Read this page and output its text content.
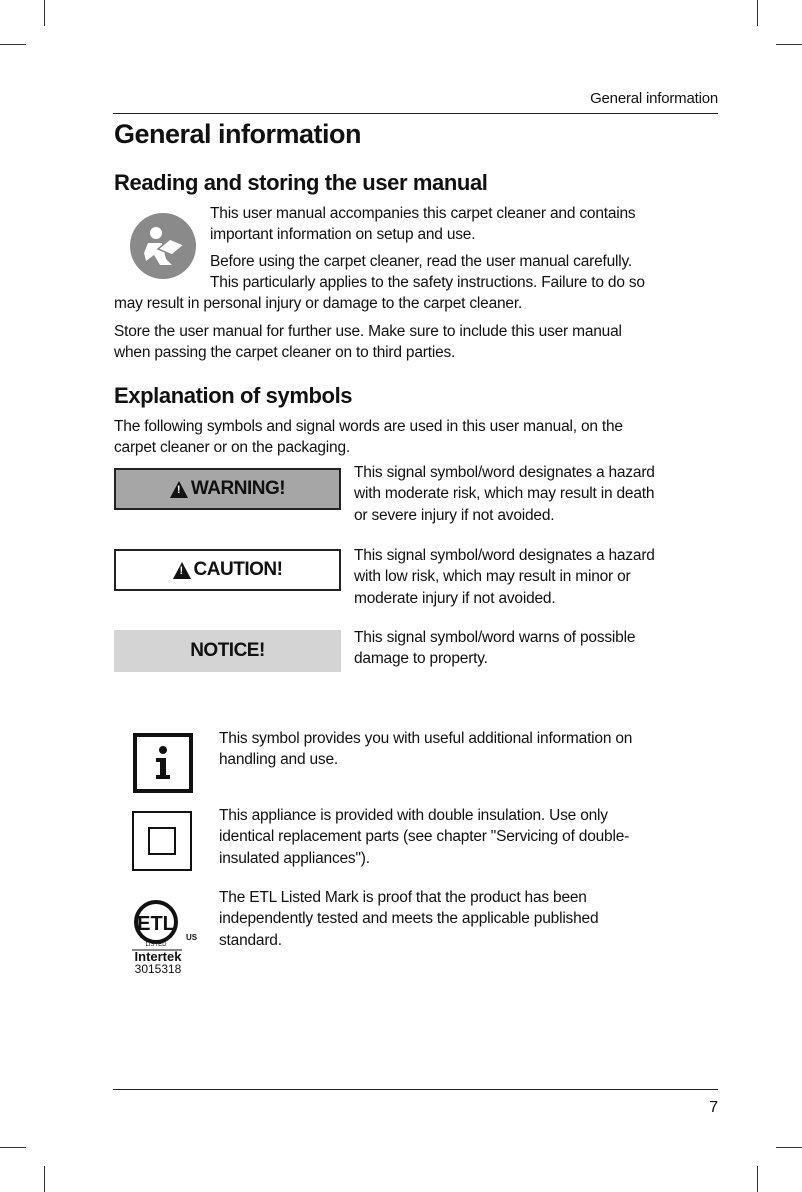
General information
General information
Reading and storing the user manual
This user manual accompanies this carpet cleaner and contains
important information on setup and use.
Before using the carpet cleaner, read the user manual carefully.
This particularly applies to the safety instructions. Failure to do so
may result in personal injury or damage to the carpet cleaner.
Store the user manual for further use. Make sure to include this user manual
when passing the carpet cleaner on to third parties.
Explanation of symbols
The following symbols and signal words are used in this user manual, on the
carpet cleaner or on the packaging.
!
WARNING!
This signal symbol/word designates a hazard
with moderate risk, which may result in death
or severe injury if not avoided.
!
CAUTION!
This signal symbol/word designates a hazard
with low risk, which may result in minor or
moderate injury if not avoided.
NOTICE!
This signal symbol/word warns of possible
damage to property.
This symbol provides you with useful additional information on
handling and use.
This appliance is provided with double insulation. Use only
identical replacement parts (see chapter "Servicing of double-
insulated appliances").
ETL
LISTED
US
Intertek
3015318
The ETL Listed Mark is proof that the product has been
independently tested and meets the applicable published
standard.
7
